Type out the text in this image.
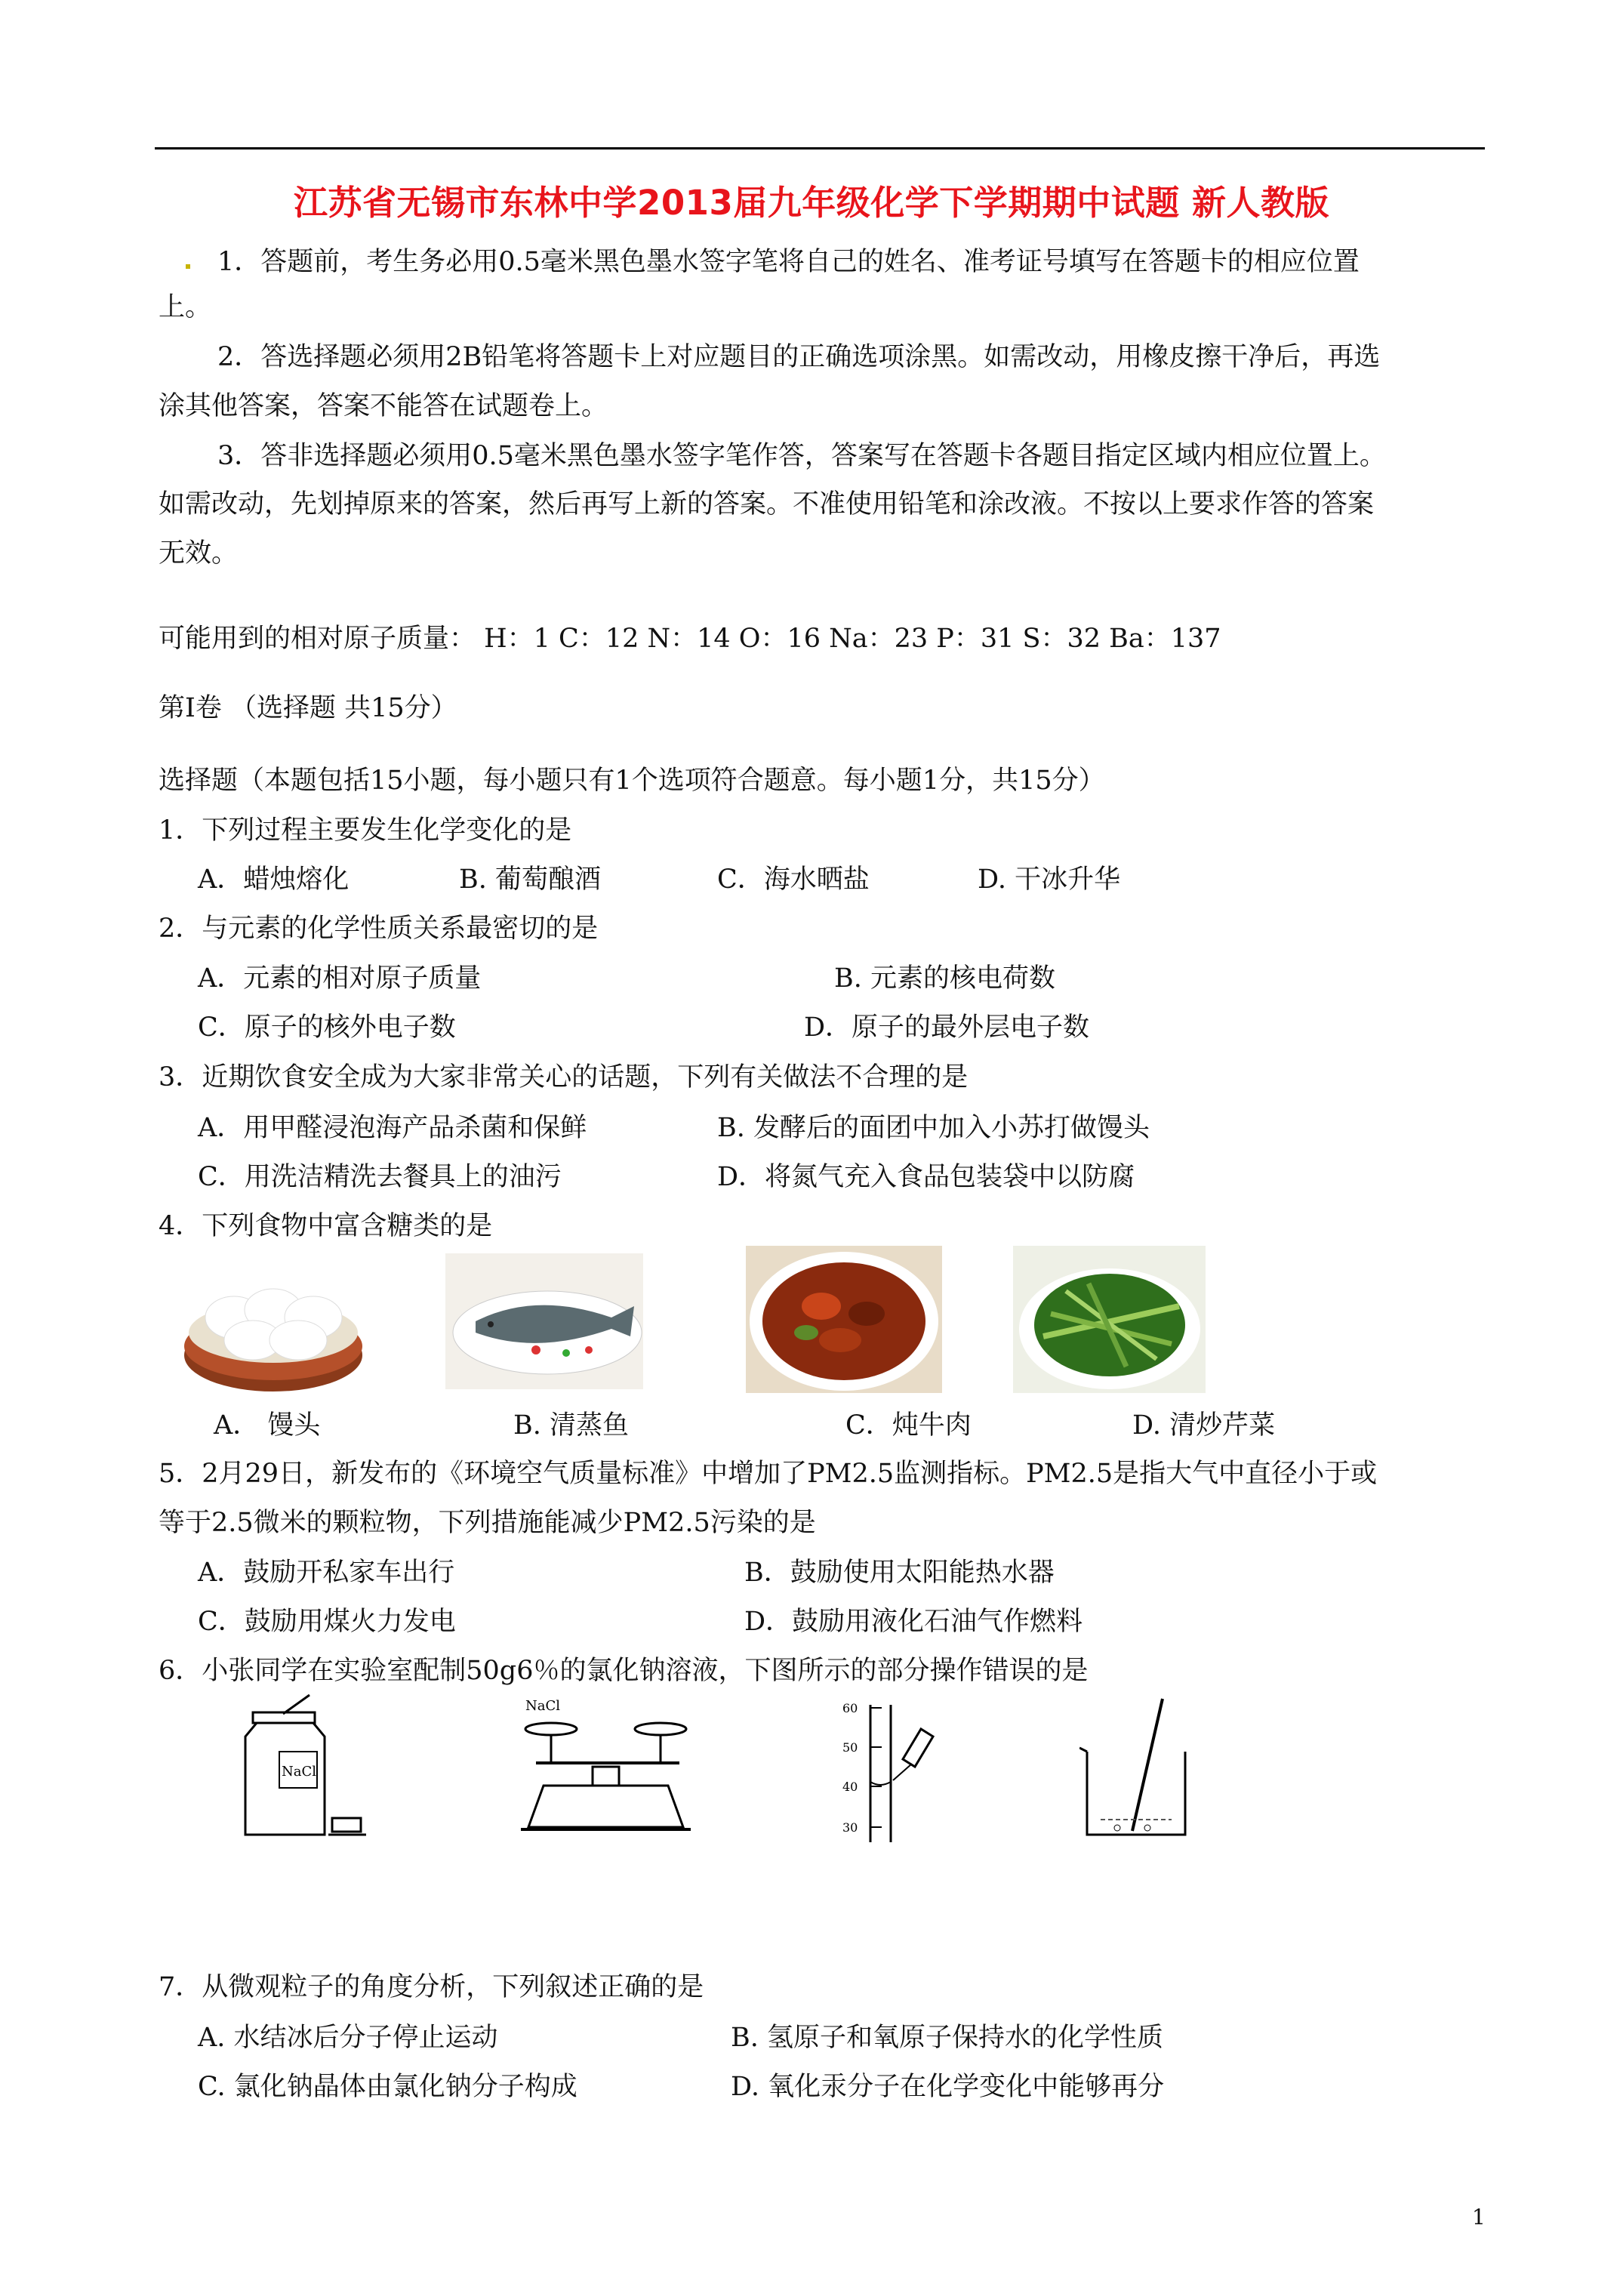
江苏省无锡市东林中学2013届九年级化学下学期期中试题 新人教版
1．答题前，考生务必用0.5毫米黑色墨水签字笔将自己的姓名、准考证号填写在答题卡的相应位置
上。
2．答选择题必须用2B铅笔将答题卡上对应题目的正确选项涂黑。如需改动，用橡皮擦干净后，再选
涂其他答案，答案不能答在试题卷上。
3．答非选择题必须用0.5毫米黑色墨水签字笔作答，答案写在答题卡各题目指定区域内相应位置上。
如需改动，先划掉原来的答案，然后再写上新的答案。不准使用铅笔和涂改液。不按以上要求作答的答案
无效。
可能用到的相对原子质量： H：1 C：12 N：14 O：16 Na：23 P：31 S：32 Ba：137
第Ⅰ卷 （选择题 共15分）
选择题（本题包括15小题，每小题只有1个选项符合题意。每小题1分，共15分）
1．下列过程主要发生化学变化的是
A．蜡烛熔化	B. 葡萄酿酒	C．海水晒盐	D. 干冰升华
2．与元素的化学性质关系最密切的是
A．元素的相对原子质量	B. 元素的核电荷数
C．原子的核外电子数	D．原子的最外层电子数
3．近期饮食安全成为大家非常关心的话题，下列有关做法不合理的是
A．用甲醛浸泡海产品杀菌和保鲜	B. 发酵后的面团中加入小苏打做馒头
C．用洗洁精洗去餐具上的油污	D．将氮气充入食品包装袋中以防腐
4．下列食物中富含糖类的是
A． 馒头	B. 清蒸鱼	C．炖牛肉	D. 清炒芹菜
5．2月29日，新发布的《环境空气质量标准》中增加了PM2.5监测指标。PM2.5是指大气中直径小于或
等于2.5微米的颗粒物，下列措施能减少PM2.5污染的是
A．鼓励开私家车出行	B．鼓励使用太阳能热水器
C．鼓励用煤火力发电	D．鼓励用液化石油气作燃料
6．小张同学在实验室配制50g6％的氯化钠溶液，下图所示的部分操作错误的是
NaCl
NaCl	60
50
40
30
7．从微观粒子的角度分析，下列叙述正确的是
A. 水结冰后分子停止运动	B. 氢原子和氧原子保持水的化学性质
C. 氯化钠晶体由氯化钠分子构成	D. 氧化汞分子在化学变化中能够再分
1
